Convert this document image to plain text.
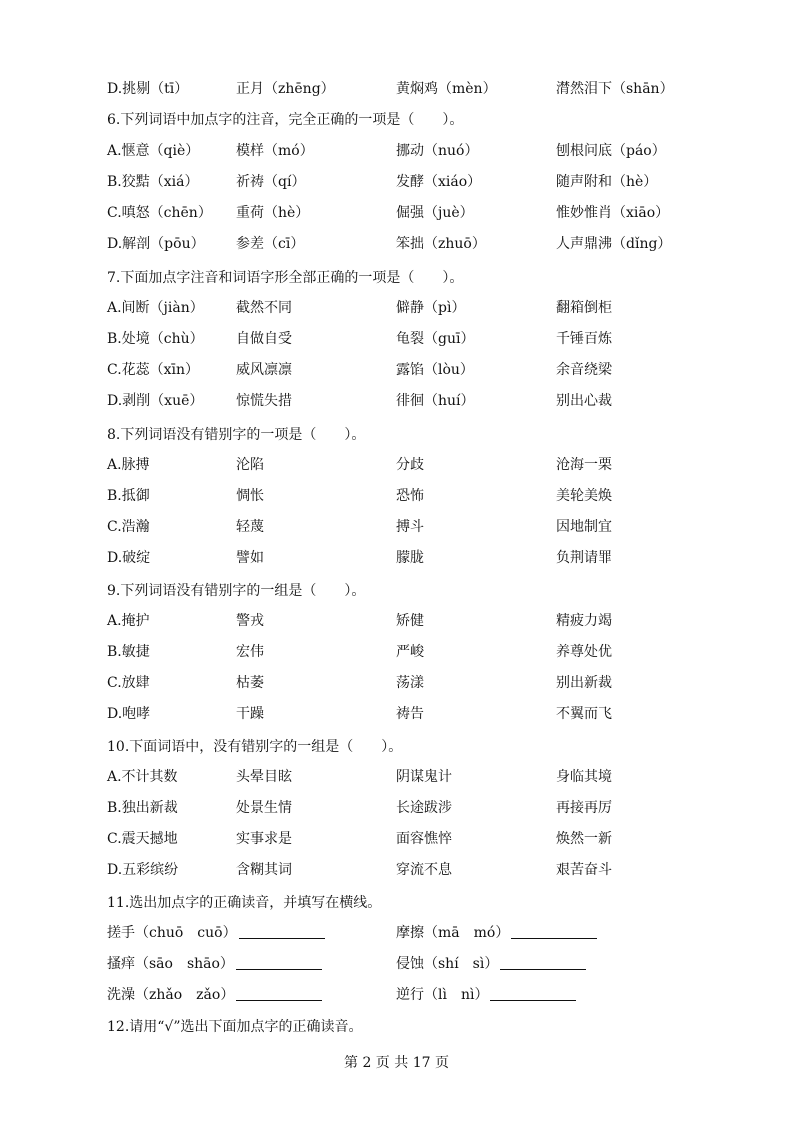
D.挑剔（tī）	正月（zhēng）	黄焖鸡（mèn）	潸然泪下（shān）
6.下列词语中加点字的注音，完全正确的一项是（　　）。
A.惬意（qiè）	模样（mó）	挪动（nuó）	刨根问底（páo）
B.狡黠（xiá）	祈祷（qí）	发酵（xiáo）	随声附和（hè）
C.嗔怒（chēn） 重荷（hè）	倔强（juè）	惟妙惟肖（xiāo）
D.解剖（pōu） 参差（cī）	笨拙（zhuō）	人声鼎沸（dǐng）
7.下面加点字注音和词语字形全部正确的一项是（　　）。
A.间断（jiàn） 截然不同	僻静（pì）	翻箱倒柜
B.处境（chù） 自做自受	龟裂（guī）	千锤百炼
C.花蕊（xīn）	威风凛凛	露馅（lòu）	余音绕梁
D.剥削（xuē） 惊慌失措	徘徊（huí）	别出心裁
8.下列词语没有错别字的一项是（　　）。
A.脉搏	沦陷	分歧	沧海一栗
B.抵御	惆怅	恐怖	美轮美焕
C.浩瀚	轻蔑	搏斗	因地制宜
D.破绽	譬如	朦胧	负荆请罪
9.下列词语没有错别字的一组是（　　）。
A.掩护	警戎	矫健	精疲力竭
B.敏捷	宏伟	严峻	养尊处优
C.放肆	枯萎	荡漾	别出新裁
D.咆哮	干躁	祷告	不翼而飞
10.下面词语中，没有错别字的一组是（　　）。
A.不计其数	头晕目眩	阴谋鬼计	身临其境
B.独出新裁	处景生情	长途跋涉	再接再厉
C.震天撼地	实事求是	面容憔悴	焕然一新
D.五彩缤纷	含糊其词	穿流不息	艰苦奋斗
11.选出加点字的正确读音，并填写在横线。
搓手（chuō　cuō）	摩擦（mā　mó）
搔痒（sāo　shāo）	侵蚀（shí　sì）
洗澡（zhǎo　zǎo）	逆行（lì　nì）
12.请用“√”选出下面加点字的正确读音。
第 2 页 共 17 页
